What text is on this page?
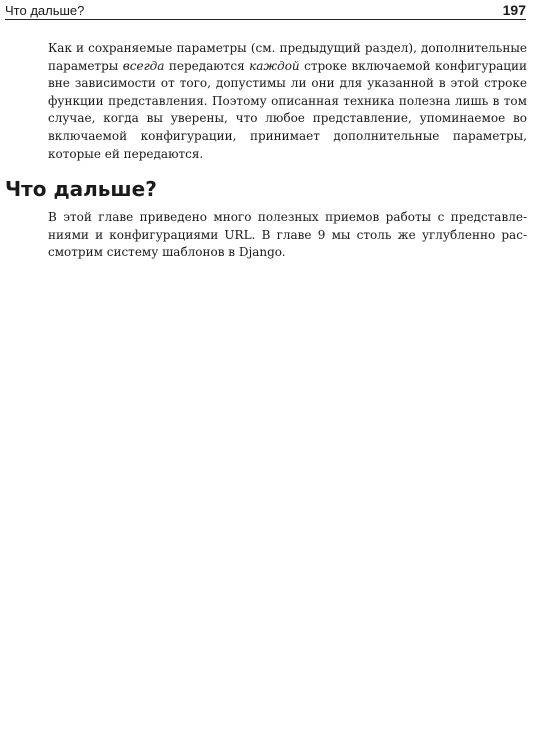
Что дальше?	197

Как и сохраняемые параметры (см. предыдущий раздел), дополнительные параметры всегда передаются каждой строке включаемой конфигурации вне зависимости от того, допустимы ли они для указанной в этой строке функции представления. Поэтому описанная техника полезна лишь в том случае, когда вы уверены, что любое представление, упоминаемое во включаемой конфигурации, принимает дополнительные параметры, которые ей передаются.

Что дальше?

В этой главе приведено много полезных приемов работы с представлениями и конфигурациями URL. В главе 9 мы столь же углубленно рассмотрим систему шаблонов в Django.
